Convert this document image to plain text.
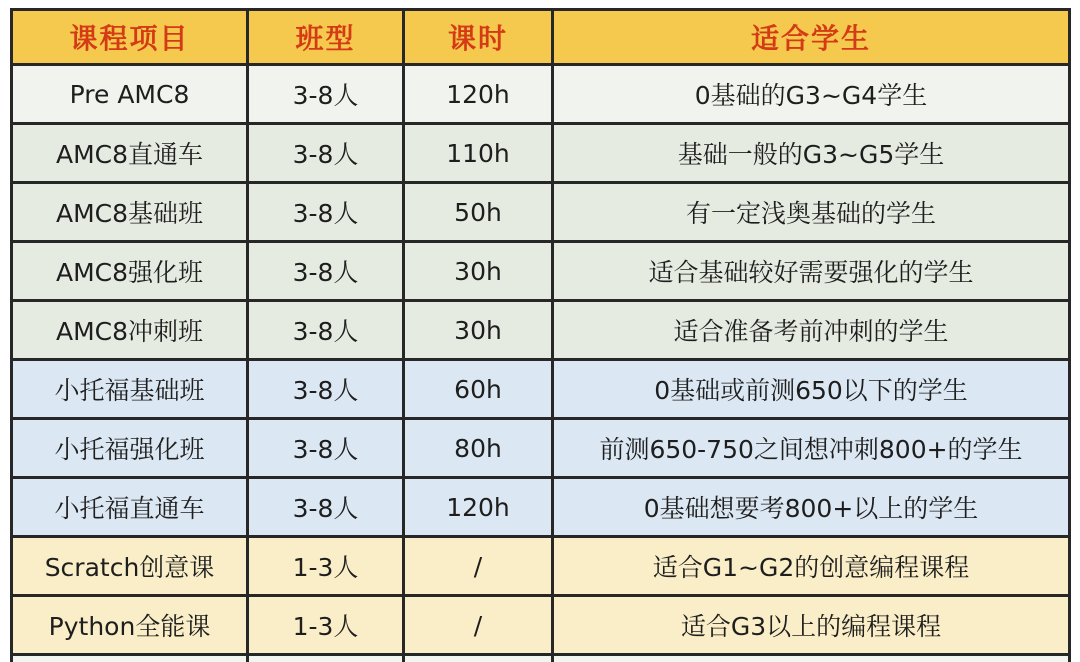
课程项目	班型	课时	适合学生
Pre AMC8	3-8人	120h	0基础的G3~G4学生
AMC8直通车	3-8人	110h	基础一般的G3~G5学生
AMC8基础班	3-8人	50h	有一定浅奥基础的学生
AMC8强化班	3-8人	30h	适合基础较好需要强化的学生
AMC8冲刺班	3-8人	30h	适合准备考前冲刺的学生
小托福基础班	3-8人	60h	0基础或前测650以下的学生
小托福强化班	3-8人	80h	前测650-750之间想冲刺800+的学生
小托福直通车	3-8人	120h	0基础想要考800+以上的学生
Scratch创意课	1-3人	/	适合G1~G2的创意编程课程
Python全能课	1-3人	/	适合G3以上的编程课程
